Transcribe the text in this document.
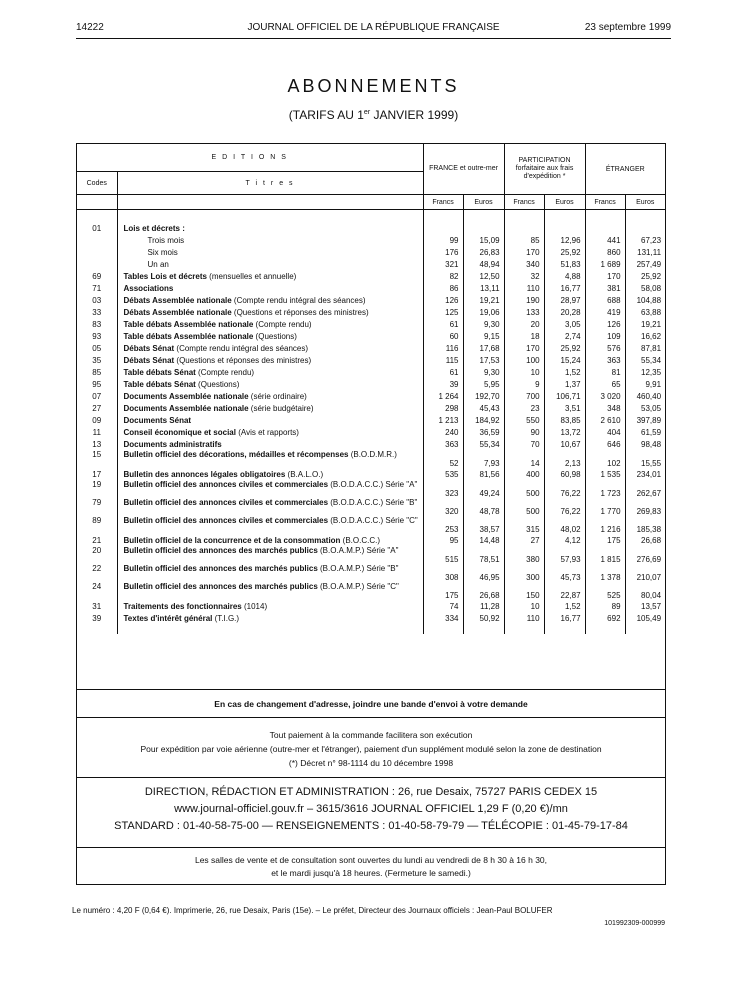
14222	JOURNAL OFFICIEL DE LA RÉPUBLIQUE FRANÇAISE	23 septembre 1999
ABONNEMENTS
(TARIFS AU 1er JANVIER 1999)
E D I T I O N S		FRANCE et outre-mer		PARTICIPATION forfaitaire aux frais d'expédition *		ÉTRANGER	
Codes	T i t r e s						
		Francs	Euros	Francs	Euros	Francs	Euros

01	Lois et décrets :						
	Trois mois	99	15,09	85	12,96	441	67,23
	Six mois	176	26,83	170	25,92	860	131,11
	Un an	321	48,94	340	51,83	1 689	257,49
69	Tables Lois et décrets (mensuelles et annuelle)	82	12,50	32	4,88	170	25,92
71	Associations	86	13,11	110	16,77	381	58,08
03	Débats Assemblée nationale (Compte rendu intégral des séances)	126	19,21	190	28,97	688	104,88
33	Débats Assemblée nationale (Questions et réponses des ministres)	125	19,06	133	20,28	419	63,88
83	Table débats Assemblée nationale (Compte rendu)	61	9,30	20	3,05	126	19,21
93	Table débats Assemblée nationale (Questions)	60	9,15	18	2,74	109	16,62
05	Débats Sénat (Compte rendu intégral des séances)	116	17,68	170	25,92	576	87,81
35	Débats Sénat (Questions et réponses des ministres)	115	17,53	100	15,24	363	55,34
85	Table débats Sénat (Compte rendu)	61	9,30	10	1,52	81	12,35
95	Table débats Sénat (Questions)	39	5,95	9	1,37	65	9,91
07	Documents Assemblée nationale (série ordinaire)	1 264	192,70	700	106,71	3 020	460,40
27	Documents Assemblée nationale (série budgétaire)	298	45,43	23	3,51	348	53,05
09	Documents Sénat	1 213	184,92	550	83,85	2 610	397,89
11	Conseil économique et social (Avis et rapports)	240	36,59	90	13,72	404	61,59
13	Documents administratifs	363	55,34	70	10,67	646	98,48
15	Bulletin officiel des décorations, médailles et récompenses (B.O.D.M.R.)	52	7,93	14	2,13	102	15,55
17	Bulletin des annonces légales obligatoires (B.A.L.O.)	535	81,56	400	60,98	1 535	234,01
19	Bulletin officiel des annonces civiles et commerciales (B.O.D.A.C.C.) Série "A"	323	49,24	500	76,22	1 723	262,67
79	Bulletin officiel des annonces civiles et commerciales (B.O.D.A.C.C.) Série "B"	320	48,78	500	76,22	1 770	269,83
89	Bulletin officiel des annonces civiles et commerciales (B.O.D.A.C.C.) Série "C"	253	38,57	315	48,02	1 216	185,38
21	Bulletin officiel de la concurrence et de la consommation (B.O.C.C.)	95	14,48	27	4,12	175	26,68
20	Bulletin officiel des annonces des marchés publics (B.O.A.M.P.) Série "A"	515	78,51	380	57,93	1 815	276,69
22	Bulletin officiel des annonces des marchés publics (B.O.A.M.P.) Série "B"	308	46,95	300	45,73	1 378	210,07
24	Bulletin officiel des annonces des marchés publics (B.O.A.M.P.) Série "C"	175	26,68	150	22,87	525	80,04
31	Traitements des fonctionnaires (1014)	74	11,28	10	1,52	89	13,57
39	Textes d'intérêt général (T.I.G.)	334	50,92	110	16,77	692	105,49

En cas de changement d'adresse, joindre une bande d'envoi à votre demande
Tout paiement à la commande facilitera son exécution
Pour expédition par voie aérienne (outre-mer et l'étranger), paiement d'un supplément modulé selon la zone de destination
(*) Décret n° 98-1114 du 10 décembre 1998
DIRECTION, RÉDACTION ET ADMINISTRATION : 26, rue Desaix, 75727 PARIS CEDEX 15
www.journal-officiel.gouv.fr – 3615/3616 JOURNAL OFFICIEL 1,29 F (0,20 €)/mn
STANDARD : 01-40-58-75-00 — RENSEIGNEMENTS : 01-40-58-79-79 — TÉLÉCOPIE : 01-45-79-17-84
Les salles de vente et de consultation sont ouvertes du lundi au vendredi de 8 h 30 à 16 h 30,
et le mardi jusqu'à 18 heures. (Fermeture le samedi.)
Le numéro : 4,20 F (0,64 €). Imprimerie, 26, rue Desaix, Paris (15e). – Le préfet, Directeur des Journaux officiels : Jean-Paul BOLUFER
101992309-000999
